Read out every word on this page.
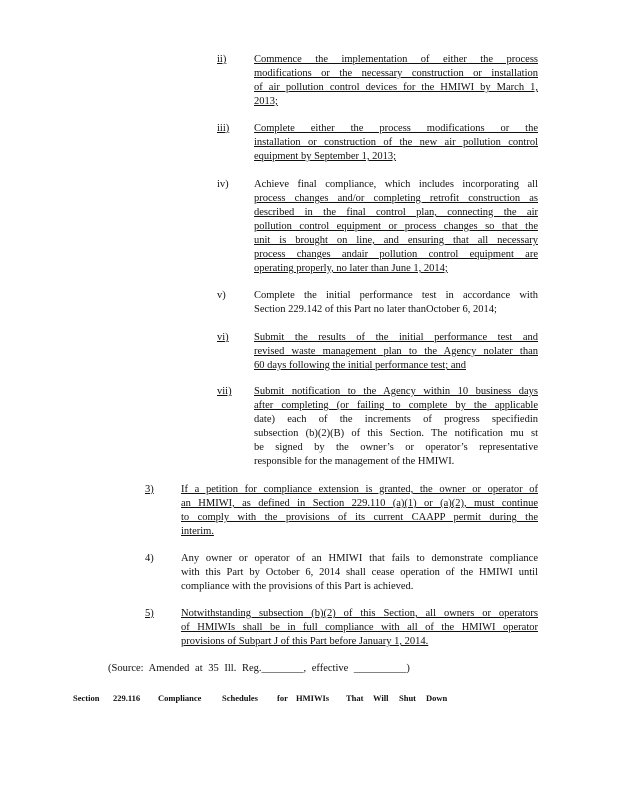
ii)	Commence the implementation of either the process
modifications or the necessary construction or installation
of air pollution control devices for the HMIWI by March 1,
2013;
iii) Complete either the process modifications or the
installation or construction of the new air pollution control
equipment by September 1, 2013;
iv) Achieve final compliance, which includes incorporating all
process changes and/or completing retrofit construction as
described in the final control plan, connecting the air
pollution control equipment or process changes so that the
unit is brought on line, and ensuring that all necessary
process changes andair pollution control equipment are
operating properly, no later than June 1, 2014;
v)	Complete the initial performance test in accordance with
Section 229.142 of this Part no later thanOctober 6, 2014;
vi) Submit the results of the initial performance test and
revised waste management plan to the Agency nolater than
60 days following the initial performance test; and
vii) Submit notification to the Agency within 10 business days
after completing (or failing to complete by the applicable
date) each of the increments of progress specifiedin
subsection (b)(2)(B) of this Section. The notification mu st
be signed by the owner’s or operator’s representative
responsible for the management of the HMIWI.
3)	If a petition for compliance extension is granted, the owner or operator of
an HMIWI, as defined in Section 229.110 (a)(1) or (a)(2), must continue
to comply with the provisions of its current CAAPP permit during the
interim.
4)	Any owner or operator of an HMIWI that fails to demonstrate compliance
with this Part by October 6, 2014 shall cease operation of the HMIWI until
compliance with the provisions of this Part is achieved.
5)	Notwithstanding subsection (b)(2) of this Section, all owners or operators
of HMIWIs shall be in full compliance with all of the HMIWI operator
provisions of Subpart J of this Part before January 1, 2014.
(Source: Amended at 35 Ill. Reg.________, effective __________)
Section 229.116 Compliance Schedules for HMIWIs That Will Shut Down
